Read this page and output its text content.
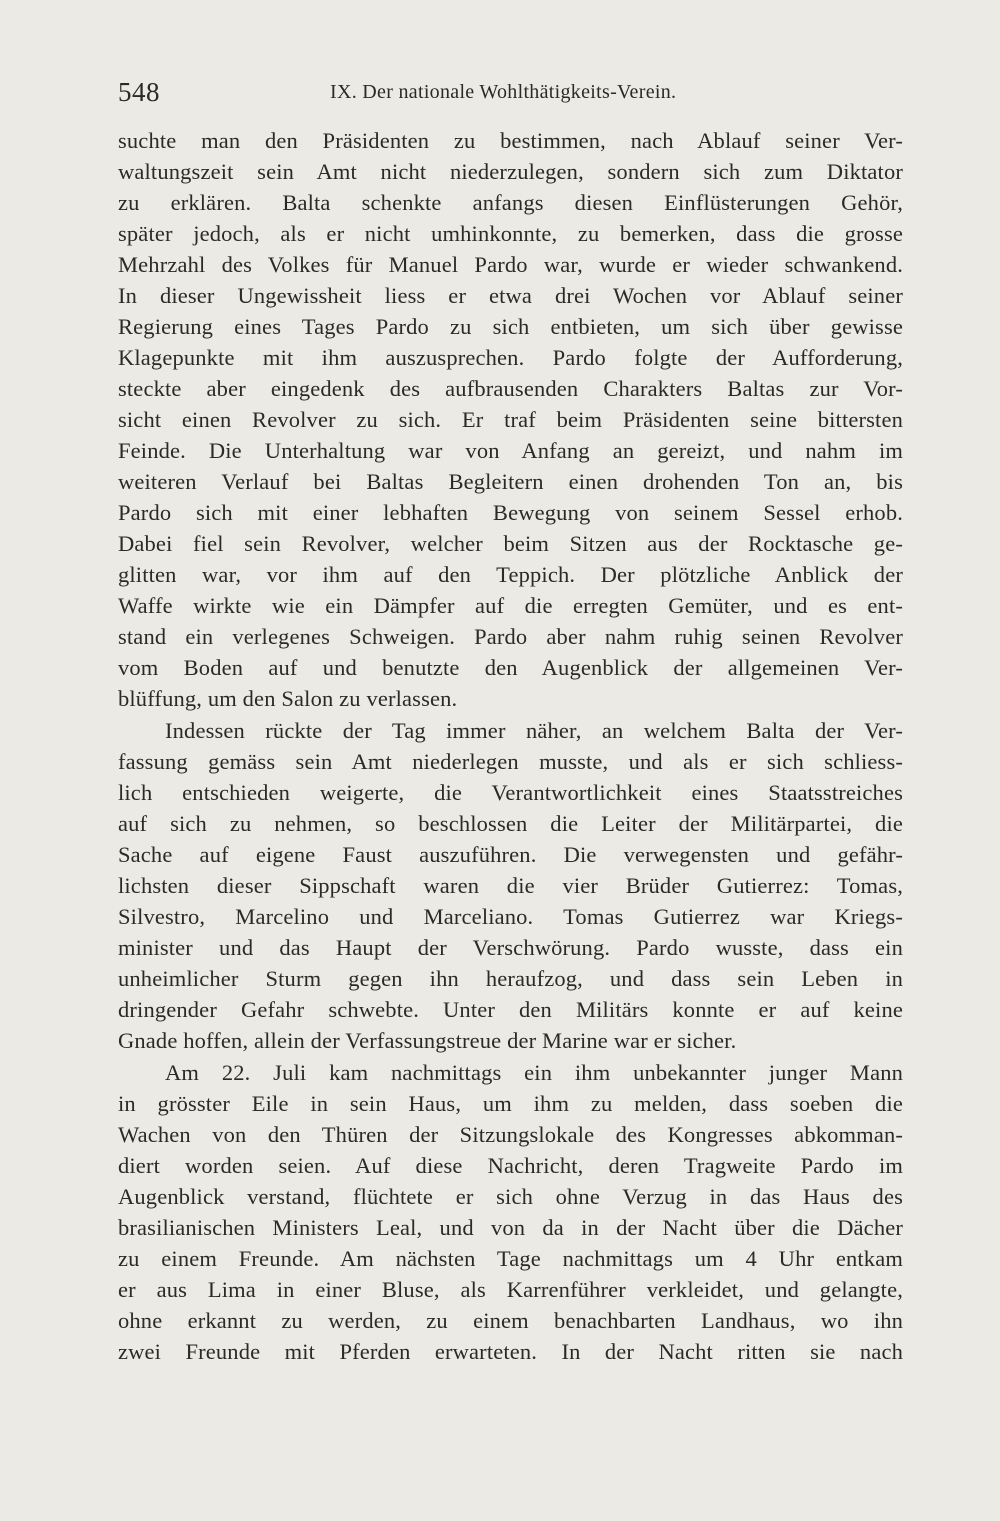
548	IX. Der nationale Wohlthätigkeits-Verein.
suchte man den Präsidenten zu bestimmen, nach Ablauf seiner Ver-
waltungszeit sein Amt nicht niederzulegen, sondern sich zum Diktator
zu erklären. Balta schenkte anfangs diesen Einflüsterungen Gehör,
später jedoch, als er nicht umhinkonnte, zu bemerken, dass die grosse
Mehrzahl des Volkes für Manuel Pardo war, wurde er wieder schwankend.
In dieser Ungewissheit liess er etwa drei Wochen vor Ablauf seiner
Regierung eines Tages Pardo zu sich entbieten, um sich über gewisse
Klagepunkte mit ihm auszusprechen. Pardo folgte der Aufforderung,
steckte aber eingedenk des aufbrausenden Charakters Baltas zur Vor-
sicht einen Revolver zu sich. Er traf beim Präsidenten seine bittersten
Feinde. Die Unterhaltung war von Anfang an gereizt, und nahm im
weiteren Verlauf bei Baltas Begleitern einen drohenden Ton an, bis
Pardo sich mit einer lebhaften Bewegung von seinem Sessel erhob.
Dabei fiel sein Revolver, welcher beim Sitzen aus der Rocktasche ge-
glitten war, vor ihm auf den Teppich. Der plötzliche Anblick der
Waffe wirkte wie ein Dämpfer auf die erregten Gemüter, und es ent-
stand ein verlegenes Schweigen. Pardo aber nahm ruhig seinen Revolver
vom Boden auf und benutzte den Augenblick der allgemeinen Ver-
blüffung, um den Salon zu verlassen.
Indessen rückte der Tag immer näher, an welchem Balta der Ver-
fassung gemäss sein Amt niederlegen musste, und als er sich schliess-
lich entschieden weigerte, die Verantwortlichkeit eines Staatsstreiches
auf sich zu nehmen, so beschlossen die Leiter der Militärpartei, die
Sache auf eigene Faust auszuführen. Die verwegensten und gefähr-
lichsten dieser Sippschaft waren die vier Brüder Gutierrez: Tomas,
Silvestro, Marcelino und Marceliano. Tomas Gutierrez war Kriegs-
minister und das Haupt der Verschwörung. Pardo wusste, dass ein
unheimlicher Sturm gegen ihn heraufzog, und dass sein Leben in
dringender Gefahr schwebte. Unter den Militärs konnte er auf keine
Gnade hoffen, allein der Verfassungstreue der Marine war er sicher.
Am 22. Juli kam nachmittags ein ihm unbekannter junger Mann
in grösster Eile in sein Haus, um ihm zu melden, dass soeben die
Wachen von den Thüren der Sitzungslokale des Kongresses abkomman-
diert worden seien. Auf diese Nachricht, deren Tragweite Pardo im
Augenblick verstand, flüchtete er sich ohne Verzug in das Haus des
brasilianischen Ministers Leal, und von da in der Nacht über die Dächer
zu einem Freunde. Am nächsten Tage nachmittags um 4 Uhr entkam
er aus Lima in einer Bluse, als Karrenführer verkleidet, und gelangte,
ohne erkannt zu werden, zu einem benachbarten Landhaus, wo ihn
zwei Freunde mit Pferden erwarteten. In der Nacht ritten sie nach
